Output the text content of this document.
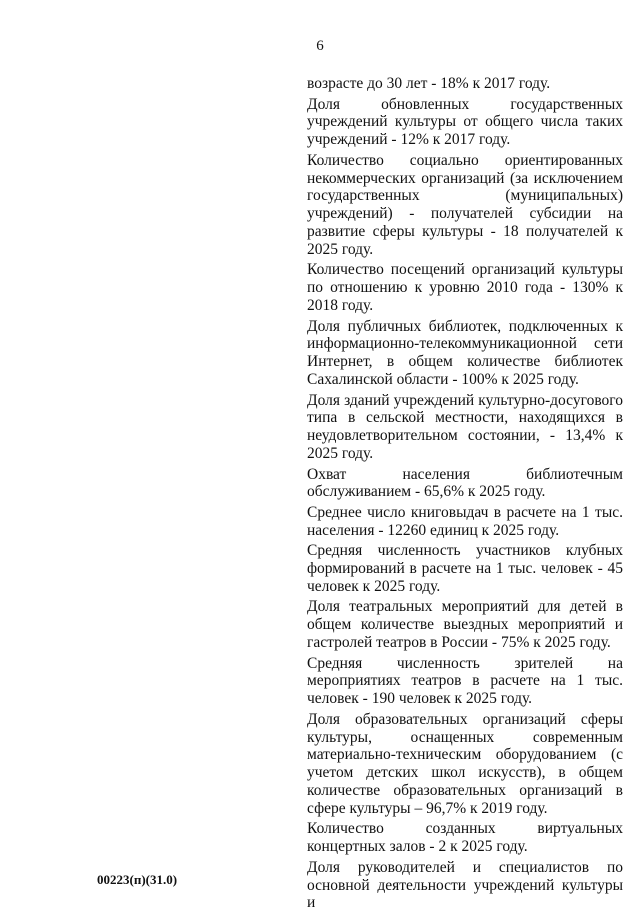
6

возрасте до 30 лет - 18% к 2017 году.

Доля обновленных государственных учреждений культуры от общего числа таких учреждений - 12% к 2017 году.

Количество социально ориентированных некоммерческих организаций (за исключением государственных (муниципальных) учреждений) - получателей субсидии на развитие сферы культуры - 18 получателей к 2025 году.

Количество посещений организаций культуры по отношению к уровню 2010 года - 130% к 2018 году.

Доля публичных библиотек, подключенных к информационно-телекоммуникационной сети Интернет, в общем количестве библиотек Сахалинской области - 100% к 2025 году.

Доля зданий учреждений культурно-досугового типа в сельской местности, находящихся в неудовлетворительном состоянии, - 13,4% к 2025 году.

Охват населения библиотечным обслуживанием - 65,6% к 2025 году.

Среднее число книговыдач в расчете на 1 тыс. населения - 12260 единиц к 2025 году.

Средняя численность участников клубных формирований в расчете на 1 тыс. человек - 45 человек к 2025 году.

Доля театральных мероприятий для детей в общем количестве выездных мероприятий и гастролей театров в России - 75% к 2025 году.

Средняя численность зрителей на мероприятиях театров в расчете на 1 тыс. человек - 190 человек к 2025 году.

Доля образовательных организаций сферы культуры, оснащенных современным материально-техническим оборудованием (с учетом детских школ искусств), в общем количестве образовательных организаций в сфере культуры – 96,7% к 2019 году.

Количество созданных виртуальных концертных залов - 2 к 2025 году.

Доля руководителей и специалистов по основной деятельности учреждений культуры и

00223(п)(31.0)
